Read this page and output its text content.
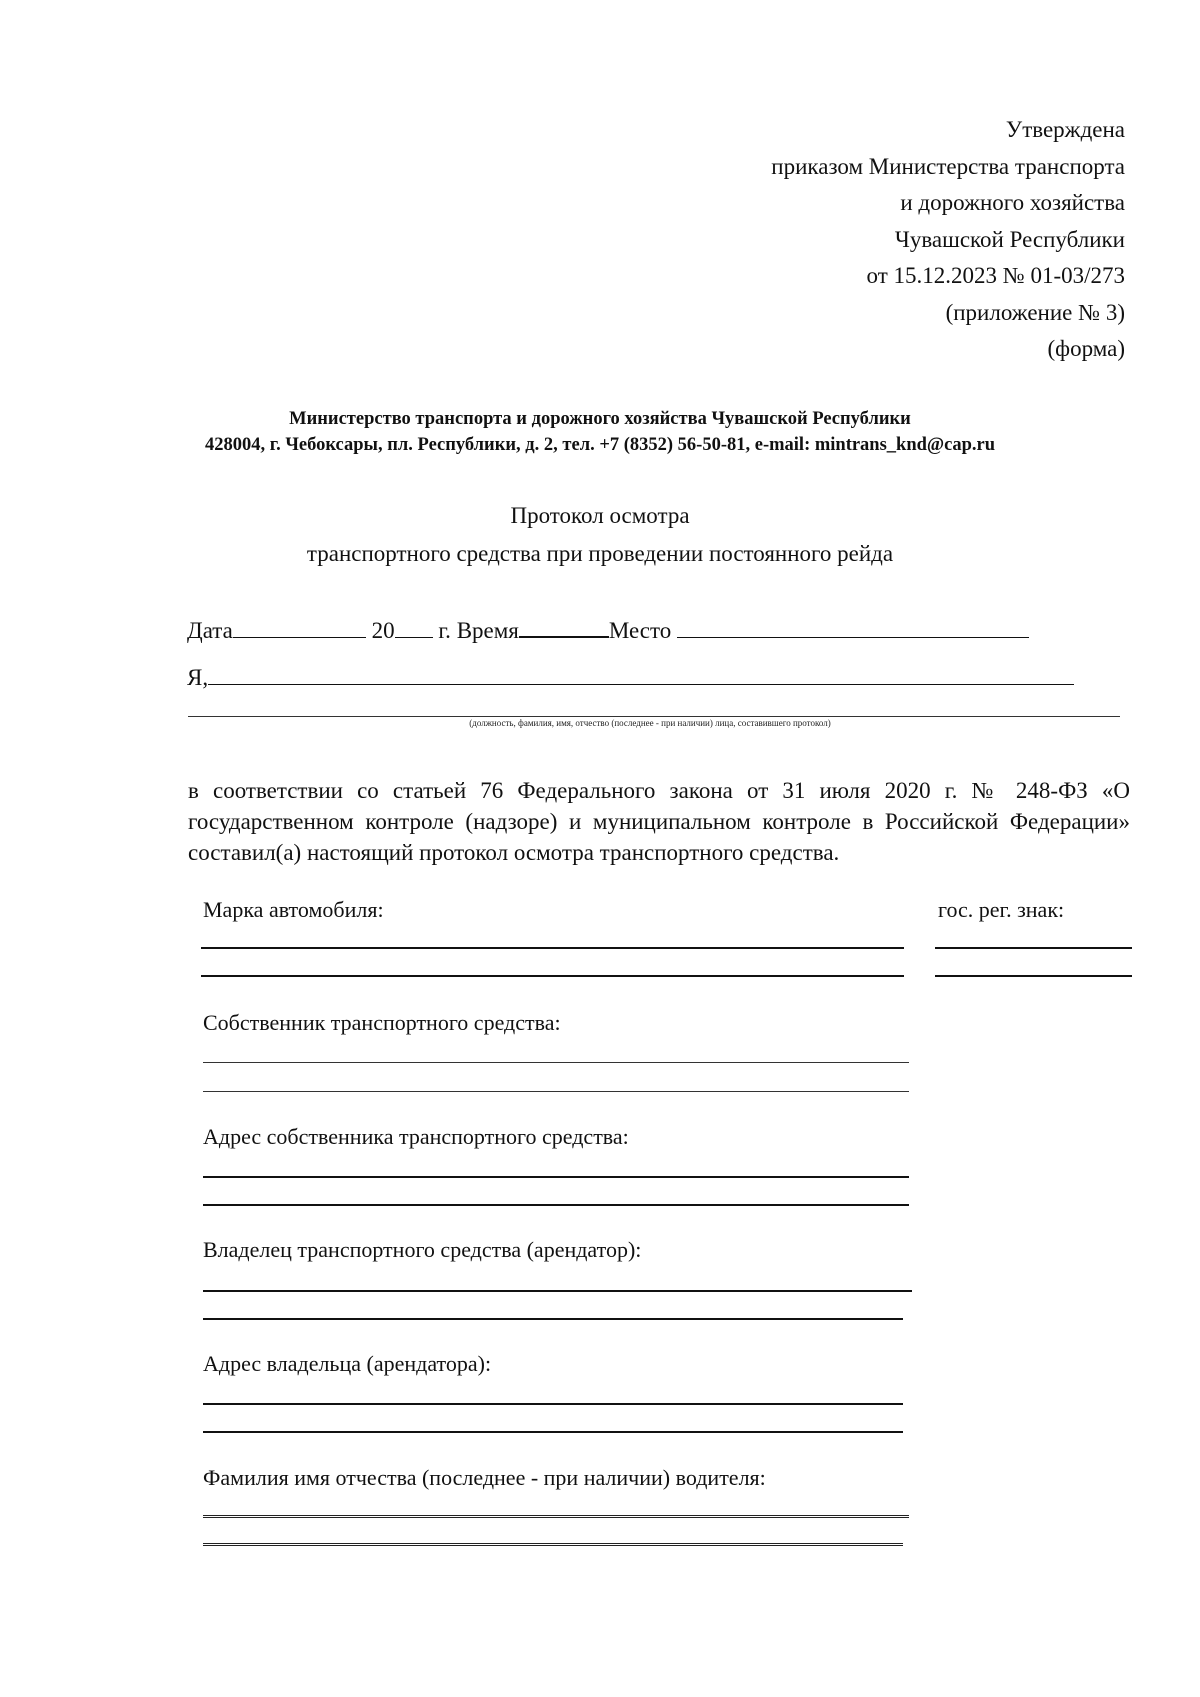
Утверждена
приказом Министерства транспорта
и дорожного хозяйства
Чувашской Республики
от 15.12.2023 № 01-03/273
(приложение № 3)
(форма)
Министерство транспорта и дорожного хозяйства Чувашской Республики
428004, г. Чебоксары, пл. Республики, д. 2, тел. +7 (8352) 56-50-81, e-mail: mintrans_knd@cap.ru
Протокол осмотра
транспортного средства при проведении постоянного рейда
Дата	20 г. Время	Место
Я,
(должность, фамилия, имя, отчество (последнее - при наличии) лица, составившего протокол)
в соответствии со статьей 76 Федерального закона от 31 июля 2020 г. № 248-ФЗ «О государственном контроле (надзоре) и муниципальном контроле в Российской Федерации» составил(а) настоящий протокол осмотра транспортного средства.
Марка автомобиля:	гос. рег. знак:
Собственник транспортного средства:
Адрес собственника транспортного средства:
Владелец транспортного средства (арендатор):
Адрес владельца (арендатора):
Фамилия имя отчества (последнее - при наличии) водителя:
